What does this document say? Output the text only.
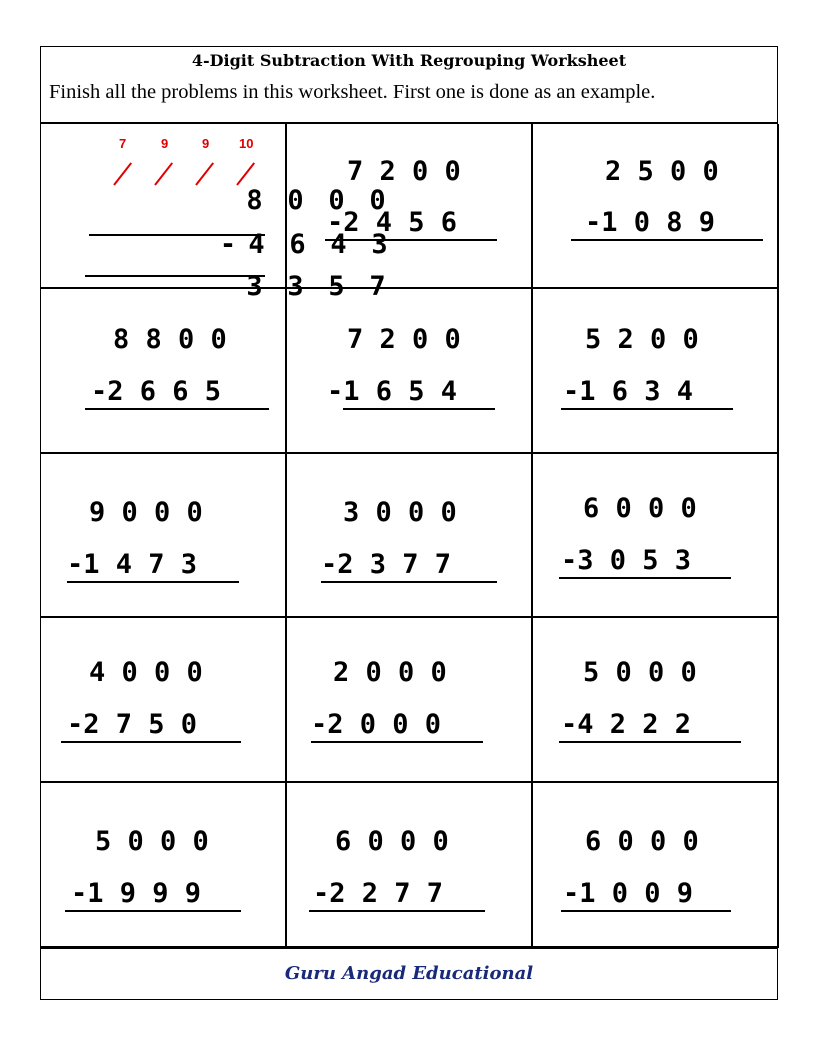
4-Digit Subtraction With Regrouping Worksheet
Finish all the problems in this worksheet. First one is done as an example.
7	9	9 10

8 0 0 0

- 4 6 4 3

3 3 5 7

7 2 0 0
-2 4 5 6
2 5 0 0
-1 0 8 9
8 8 0 0
-2 6 6 5
7 2 0 0
-1 6 5 4
5 2 0 0
-1 6 3 4
9 0 0 0
-1 4 7 3
3 0 0 0
-2 3 7 7
6 0 0 0
-3 0 5 3
4 0 0 0
-2 7 5 0
2 0 0 0
-2 0 0 0
5 0 0 0
-4 2 2 2
5 0 0 0
-1 9 9 9
6 0 0 0
-2 2 7 7
6 0 0 0
-1 0 0 9
Guru Angad Educational
